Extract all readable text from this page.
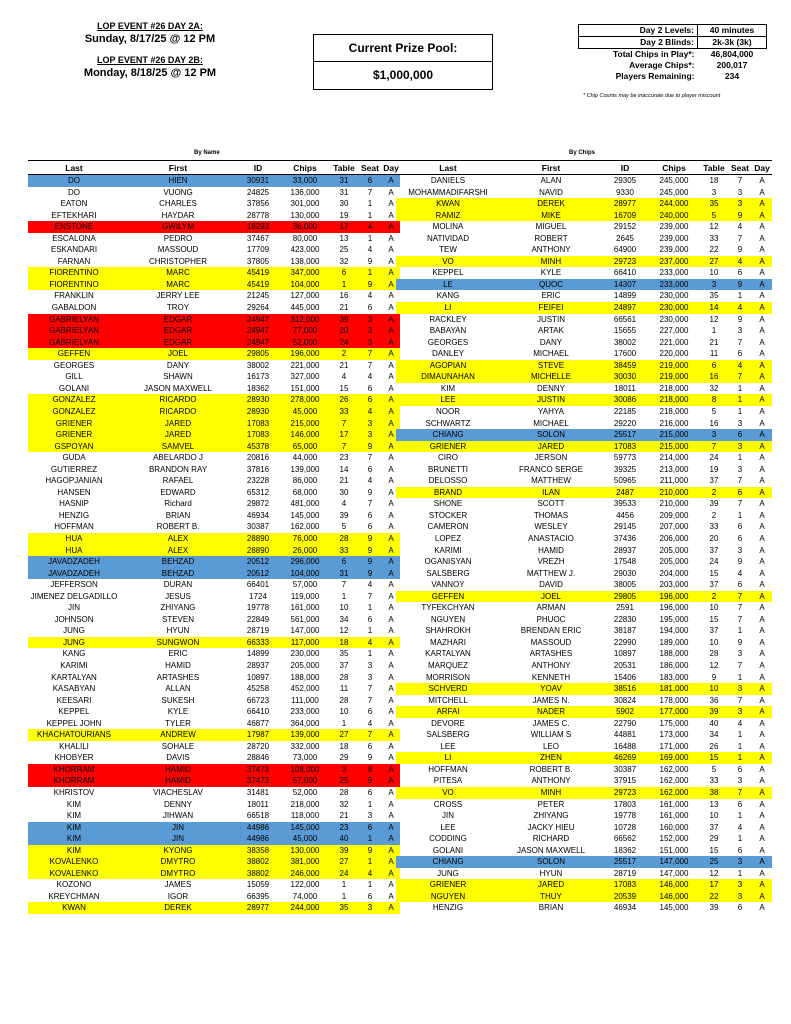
LOP EVENT #26 DAY 2A:
Sunday, 8/17/25 @ 12 PM
LOP EVENT #26 DAY 2B:
Monday, 8/18/25 @ 12 PM
Current Prize Pool:
$1,000,000
Day 2 Levels:	40 minutes
Day 2 Blinds:	2k-3k (3k)
Total Chips in Play*:	46,804,000
Average Chips*:	200,017
Players Remaining:	234
* Chip Counts may be inaccurate due to player miscount
By Name	By Chips
Last	First	ID	Chips	Table	Seat	Day
DO	HIEN	30931	33,000	31	6	A
DO	VUONG	24825	136,000	31	7	A
EATON	CHARLES	37856	301,000	30	1	A
EFTEKHARI	HAYDAR	28778	130,000	19	1	A
ENSTONE	GWILYM	18293	36,000	17	4	A
ESCALONA	PEDRO	37467	80,000	13	1	A
ESKANDARI	MASSOUD	17709	423,000	25	4	A
FARNAN	CHRISTOPHER	37805	138,000	32	9	A
FIORENTINO	MARC	45419	347,000	6	1	A
FIORENTINO	MARC	45419	104,000	1	9	A
FRANKLIN	JERRY LEE	21245	127,000	16	4	A
GABALDON	TROY	29264	445,000	21	6	A
GABRIELYAN	EDGAR	24947	312,000	39	3	A
GABRIELYAN	EDGAR	24947	77,000	20	3	A
GABRIELYAN	EDGAR	24947	52,000	24	3	A
GEFFEN	JOEL	29805	196,000	2	7	A
GEORGES	DANY	38002	221,000	21	7	A
GILL	SHAWN	16173	327,000	4	4	A
GOLANI	JASON MAXWELL	18362	151,000	15	6	A
GONZALEZ	RICARDO	28930	278,000	26	6	A
GONZALEZ	RICARDO	28930	45,000	33	4	A
GRIENER	JARED	17083	215,000	7	3	A
GRIENER	JARED	17083	146,000	17	3	A
GSPOYAN	SAMVEL	45378	65,000	7	9	A
GUDA	ABELARDO J	20816	44,000	23	7	A
GUTIERREZ	BRANDON RAY	37816	139,000	14	6	A
HAGOPJANIAN	RAFAEL	23228	86,000	21	4	A
HANSEN	EDWARD	65312	68,000	30	9	A
HASNIP	Richard	29872	481,000	4	7	A
HENZIG	BRIAN	46934	145,000	39	6	A
HOFFMAN	ROBERT B.	30387	162,000	5	6	A
HUA	ALEX	28890	76,000	28	9	A
HUA	ALEX	28890	26,000	33	9	A
JAVADZADEH	BEHZAD	20512	296,000	6	9	A
JAVADZADEH	BEHZAD	20512	104,000	31	9	A
JEFFERSON	DURAN	66401	57,000	7	4	A
JIMENEZ DELGADILLO	JESUS	1724	119,000	1	7	A
JIN	ZHIYANG	19778	161,000	10	1	A
JOHNSON	STEVEN	22849	561,000	34	6	A
JUNG	HYUN	28719	147,000	12	1	A
JUNG	SUNGWON	66333	117,000	18	4	A
KANG	ERIC	14899	230,000	35	1	A
KARIMI	HAMID	28937	205,000	37	3	A
KARTALYAN	ARTASHES	10897	188,000	28	3	A
KASABYAN	ALLAN	45258	452,000	11	7	A
KEESARI	SUKESH	66723	111,000	28	7	A
KEPPEL	KYLE	66410	233,000	10	6	A
KEPPEL JOHN	TYLER	46877	364,000	1	4	A
KHACHATOURIANS	ANDREW	17987	139,000	27	7	A
KHALILI	SOHALE	28720	332,000	18	6	A
KHOBYER	DAVIS	28846	73,000	29	9	A
KHORRAM	HAMID	37473	108,000	3	8	A
KHORRAM	HAMID	37473	57,000	25	9	A
KHRISTOV	VIACHESLAV	31481	52,000	28	6	A
KIM	DENNY	18011	218,000	32	1	A
KIM	JIHWAN	66518	118,000	21	3	A
KIM	JIN	44986	145,000	23	6	A
KIM	JIN	44986	45,000	40	1	A
KIM	KYONG	38358	130,000	39	9	A
KOVALENKO	DMYTRO	38802	381,000	27	1	A
KOVALENKO	DMYTRO	38802	246,000	24	4	A
KOZONO	JAMES	15059	122,000	1	1	A
KREYCHMAN	IGOR	66395	74,000	1	6	A
KWAN	DEREK	28977	244,000	35	3	A
Last	First	ID	Chips	Table	Seat	Day
DANIELS	ALAN	29305	245,000	18	7	A
MOHAMMADIFARSHI	NAVID	9330	245,000	3	3	A
KWAN	DEREK	28977	244,000	35	3	A
RAMIZ	MIKE	16709	240,000	5	9	A
MOLINA	MIGUEL	29152	239,000	12	4	A
NATIVIDAD	ROBERT	2645	239,000	33	7	A
TEW	ANTHONY	64900	239,000	22	9	A
VO	MINH	29723	237,000	27	4	A
KEPPEL	KYLE	66410	233,000	10	6	A
LE	QUOC	14307	233,000	3	9	A
KANG	ERIC	14899	230,000	35	1	A
LI	FEIFEI	24897	230,000	14	4	A
RACKLEY	JUSTIN	66561	230,000	12	9	A
BABAYAN	ARTAK	15655	227,000	1	3	A
GEORGES	DANY	38002	221,000	21	7	A
DANLEY	MICHAEL	17600	220,000	11	6	A
AGOPIAN	STEVE	38459	219,000	6	4	A
DIMAUNAHAN	MICHELLE	30030	219,000	16	7	A
KIM	DENNY	18011	218,000	32	1	A
LEE	JUSTIN	30086	218,000	8	1	A
NOOR	YAHYA	22185	218,000	5	1	A
SCHWARTZ	MICHAEL	29220	216,000	16	3	A
CHIANG	SOLON	25517	215,000	3	6	A
GRIENER	JARED	17083	215,000	7	3	A
CIRO	JERSON	59773	214,000	24	1	A
BRUNETTI	FRANCO SERGE	39325	213,000	19	3	A
DELOSSO	MATTHEW	50965	211,000	37	7	A
BRAND	ILAN	2487	210,000	2	6	A
SHONE	SCOTT	39533	210,000	39	7	A
STOCKER	THOMAS	4456	209,000	2	1	A
CAMERON	WESLEY	29145	207,000	33	6	A
LOPEZ	ANASTACIO	37436	206,000	20	6	A
KARIMI	HAMID	28937	205,000	37	3	A
OGANISYAN	VREZH	17548	205,000	24	9	A
SALSBERG	MATTHEW J.	29030	204,000	15	4	A
VANNOY	DAVID	38005	203,000	37	6	A
GEFFEN	JOEL	29805	196,000	2	7	A
TYFEKCHYAN	ARMAN	2591	196,000	10	7	A
NGUYEN	PHUOC	22830	195,000	15	7	A
SHAHROKH	BRENDAN ERIC	38187	194,000	37	1	A
MAZHARI	MASSOUD	22990	189,000	10	9	A
KARTALYAN	ARTASHES	10897	188,000	28	3	A
MARQUEZ	ANTHONY	20531	186,000	12	7	A
MORRISON	KENNETH	15406	183,000	9	1	A
SCHVERD	YOAV	38516	181,000	10	3	A
MITCHELL	JAMES N.	30824	178,000	36	7	A
ARFAI	NADER	5902	177,000	39	3	A
DEVORE	JAMES C.	22790	175,000	40	4	A
SALSBERG	WILLIAM S	44881	173,000	34	1	A
LEE	LEO	16488	171,000	26	1	A
LI	ZHEN	46269	169,000	15	1	A
HOFFMAN	ROBERT B.	30387	162,000	5	6	A
PITESA	ANTHONY	37915	162,000	33	3	A
VO	MINH	29723	162,000	38	7	A
CROSS	PETER	17803	161,000	13	6	A
JIN	ZHIYANG	19778	161,000	10	1	A
LEE	JACKY HIEU	10728	160,000	37	4	A
CODDING	RICHARD	66562	152,000	29	1	A
GOLANI	JASON MAXWELL	18362	151,000	15	6	A
CHIANG	SOLON	25517	147,000	25	3	A
JUNG	HYUN	28719	147,000	12	1	A
GRIENER	JARED	17083	146,000	17	3	A
NGUYEN	THUY	20539	146,000	22	3	A
HENZIG	BRIAN	46934	145,000	39	6	A
